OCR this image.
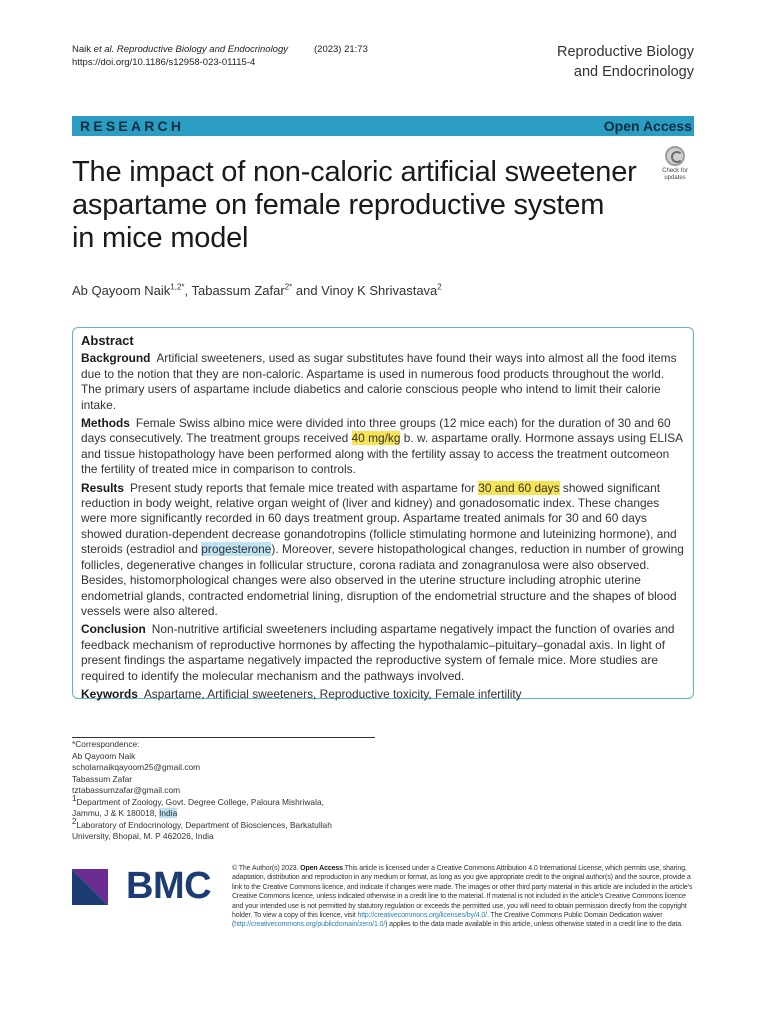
Naik et al. Reproductive Biology and Endocrinology	(2023) 21:73
https://doi.org/10.1186/s12958-023-01115-4
Reproductive Biology
and Endocrinology
RESEARCH	Open Access
The impact of non-caloric artificial sweetener
aspartame on female reproductive system
in mice model
Check for
updates
Ab Qayoom Naik$^{1,2*}$, Tabassum Zafar$^{2*}$ and Vinoy K Shrivastava$^2$
Abstract
Background Artificial sweeteners, used as sugar substitutes have found their ways into almost all the food items due to the notion that they are non-caloric. Aspartame is used in numerous food products throughout the world. The primary users of aspartame include diabetics and calorie conscious people who intend to limit their calorie intake.
Methods Female Swiss albino mice were divided into three groups (12 mice each) for the duration of 30 and 60 days consecutively. The treatment groups received 40 mg/kg b. w. aspartame orally. Hormone assays using ELISA and tissue histopathology have been performed along with the fertility assay to access the treatment outcomeon the fertility of treated mice in comparison to controls.
Results Present study reports that female mice treated with aspartame for 30 and 60 days showed significant reduction in body weight, relative organ weight of (liver and kidney) and gonadosomatic index. These changes were more significantly recorded in 60 days treatment group. Aspartame treated animals for 30 and 60 days showed duration-dependent decrease gonandotropins (follicle stimulating hormone and luteinizing hormone), and steroids (estradiol and progesterone). Moreover, severe histopathological changes, reduction in number of growing follicles, degenerative changes in follicular structure, corona radiata and zonagranulosa were also observed. Besides, histomorphological changes were also observed in the uterine structure including atrophic uterine endometrial glands, contracted endometrial lining, disruption of the endometrial structure and the shapes of blood vessels were also altered.
Conclusion Non-nutritive artificial sweeteners including aspartame negatively impact the function of ovaries and feedback mechanism of reproductive hormones by affecting the hypothalamic–pituitary–gonadal axis. In light of present findings the aspartame negatively impacted the reproductive system of female mice. More studies are required to identify the molecular mechanism and the pathways involved.
Keywords Aspartame, Artificial sweeteners, Reproductive toxicity, Female infertility
*Correspondence:
Ab Qayoom Naik
scholarnaikqayoom25@gmail.com
Tabassum Zafar
tztabassumzafar@gmail.com
$^1$Department of Zoology, Govt. Degree College, Paloura Mishriwala,
Jammu, J & K 180018, India
$^2$Laboratory of Endocrinology, Department of Biosciences, Barkatullah
University, Bhopal, M. P 462026, India
BMC	© The Author(s) 2023. Open Access This article is licensed under a Creative Commons Attribution 4.0 International License, which permits use, sharing, adaptation, distribution and reproduction in any medium or format, as long as you give appropriate credit to the original author(s) and the source, provide a link to the Creative Commons licence, and indicate if changes were made. The images or other third party material in this article are included in the article's Creative Commons licence, unless indicated otherwise in a credit line to the material. If material is not included in the article's Creative Commons licence and your intended use is not permitted by statutory regulation or exceeds the permitted use, you will need to obtain permission directly from the copyright holder. To view a copy of this licence, visit http://creativecommons.org/licenses/by/4.0/. The Creative Commons Public Domain Dedication waiver (http://creativecommons.org/publicdomain/zero/1.0/) applies to the data made available in this article, unless otherwise stated in a credit line to the data.
